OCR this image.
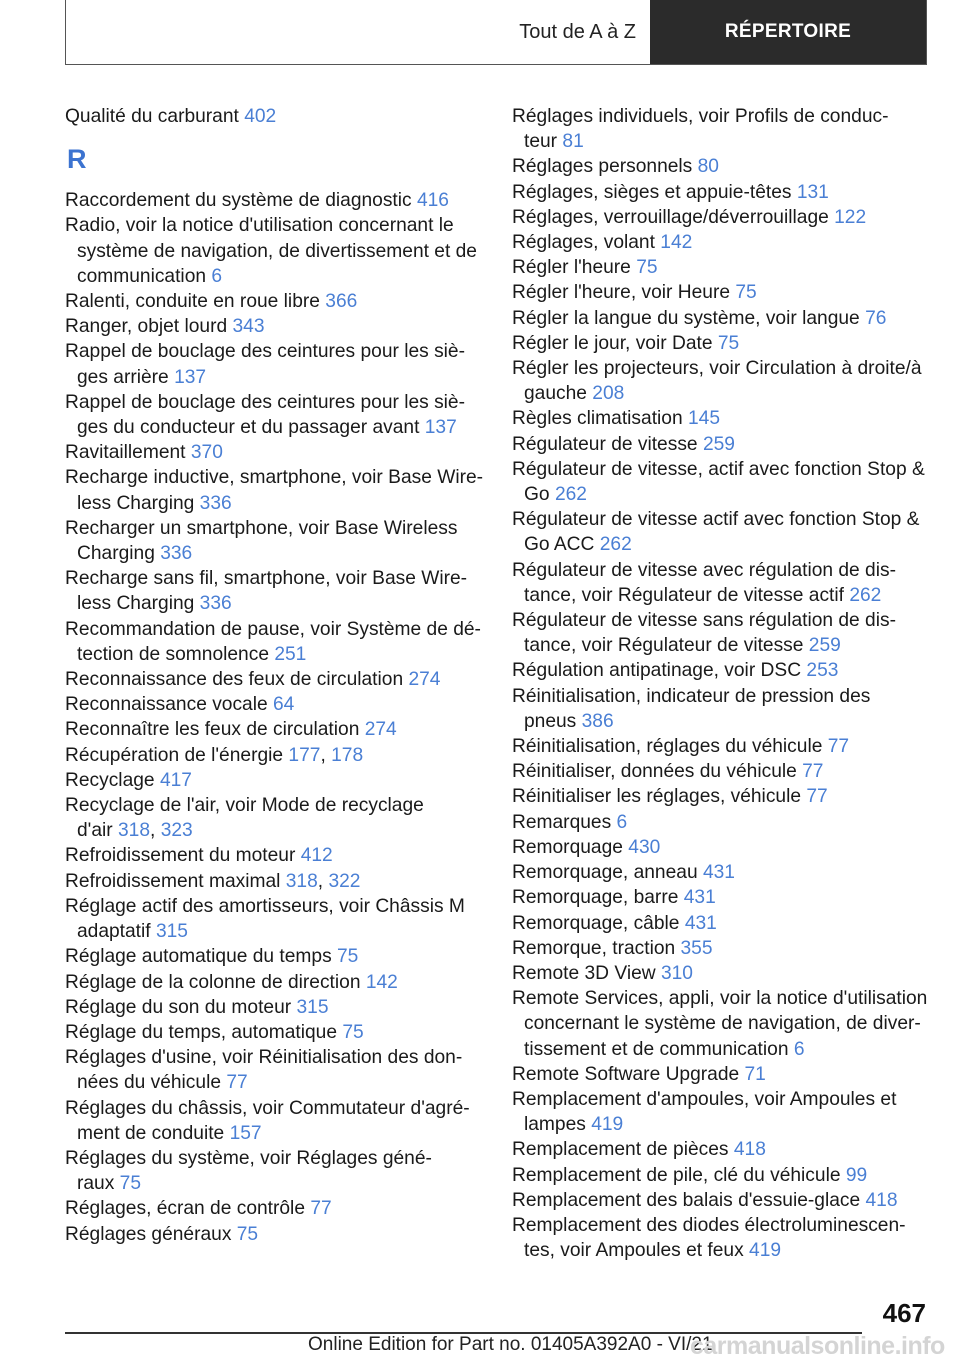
Tout de A à Z	RÉPERTOIRE
Qualité du carburant 402
R
Raccordement du système de diagnostic 416
Radio, voir la notice d'utilisation concernant le
système de navigation, de divertissement et de
communication 6
Ralenti, conduite en roue libre 366
Ranger, objet lourd 343
Rappel de bouclage des ceintures pour les siè-
ges arrière 137
Rappel de bouclage des ceintures pour les siè-
ges du conducteur et du passager avant 137
Ravitaillement 370
Recharge inductive, smartphone, voir Base Wire-
less Charging 336
Recharger un smartphone, voir Base Wireless
Charging 336
Recharge sans fil, smartphone, voir Base Wire-
less Charging 336
Recommandation de pause, voir Système de dé-
tection de somnolence 251
Reconnaissance des feux de circulation 274
Reconnaissance vocale 64
Reconnaître les feux de circulation 274
Récupération de l'énergie 177, 178
Recyclage 417
Recyclage de l'air, voir Mode de recyclage
d'air 318, 323
Refroidissement du moteur 412
Refroidissement maximal 318, 322
Réglage actif des amortisseurs, voir Châssis M
adaptatif 315
Réglage automatique du temps 75
Réglage de la colonne de direction 142
Réglage du son du moteur 315
Réglage du temps, automatique 75
Réglages d'usine, voir Réinitialisation des don-
nées du véhicule 77
Réglages du châssis, voir Commutateur d'agré-
ment de conduite 157
Réglages du système, voir Réglages géné-
raux 75
Réglages, écran de contrôle 77
Réglages généraux 75
Réglages individuels, voir Profils de conduc-
teur 81
Réglages personnels 80
Réglages, sièges et appuie-têtes 131
Réglages, verrouillage/déverrouillage 122
Réglages, volant 142
Régler l'heure 75
Régler l'heure, voir Heure 75
Régler la langue du système, voir langue 76
Régler le jour, voir Date 75
Régler les projecteurs, voir Circulation à droite/à
gauche 208
Règles climatisation 145
Régulateur de vitesse 259
Régulateur de vitesse, actif avec fonction Stop &
Go 262
Régulateur de vitesse actif avec fonction Stop &
Go ACC 262
Régulateur de vitesse avec régulation de dis-
tance, voir Régulateur de vitesse actif 262
Régulateur de vitesse sans régulation de dis-
tance, voir Régulateur de vitesse 259
Régulation antipatinage, voir DSC 253
Réinitialisation, indicateur de pression des
pneus 386
Réinitialisation, réglages du véhicule 77
Réinitialiser, données du véhicule 77
Réinitialiser les réglages, véhicule 77
Remarques 6
Remorquage 430
Remorquage, anneau 431
Remorquage, barre 431
Remorquage, câble 431
Remorque, traction 355
Remote 3D View 310
Remote Services, appli, voir la notice d'utilisation
concernant le système de navigation, de diver-
tissement et de communication 6
Remote Software Upgrade 71
Remplacement d'ampoules, voir Ampoules et
lampes 419
Remplacement de pièces 418
Remplacement de pile, clé du véhicule 99
Remplacement des balais d'essuie-glace 418
Remplacement des diodes électroluminescen-
tes, voir Ampoules et feux 419
467
Online Edition for Part no. 01405A392A0 - VI/21
carmanualsonline.info
